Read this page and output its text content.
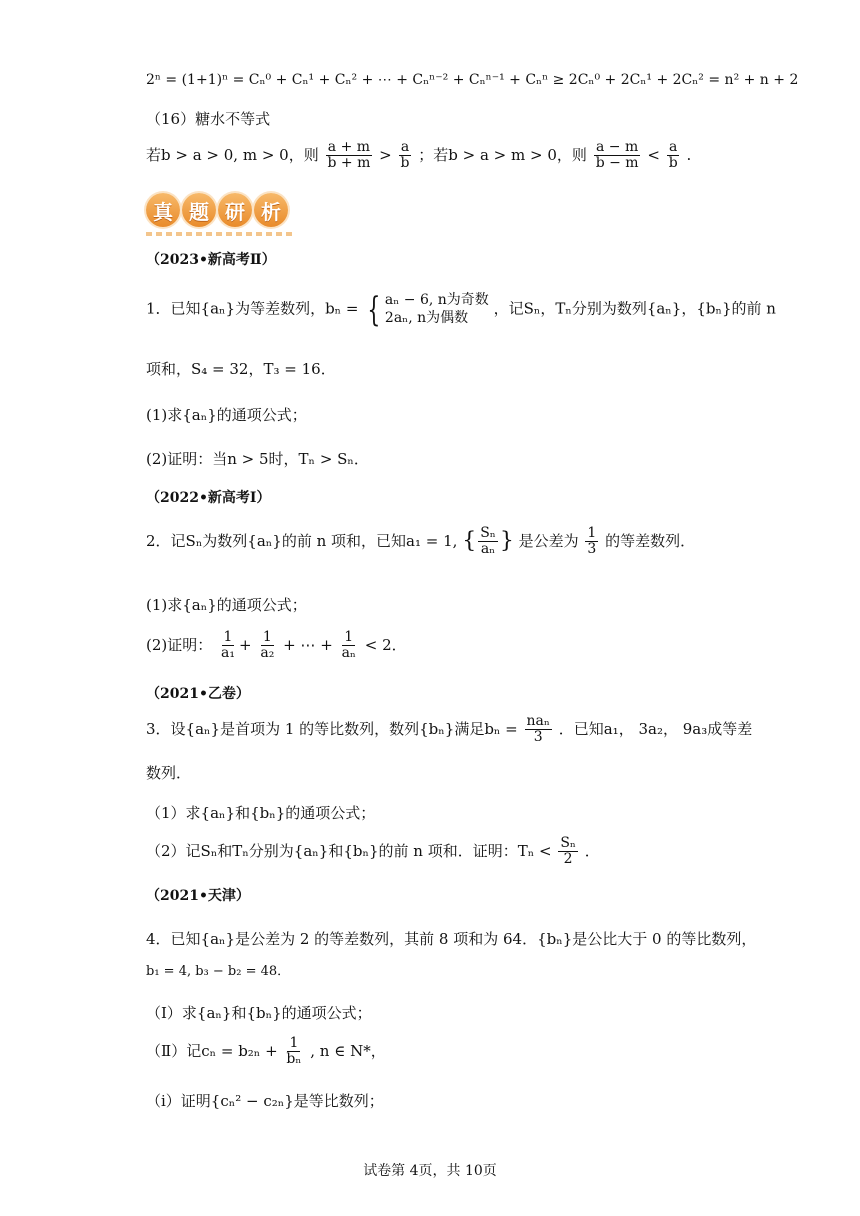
2ⁿ = (1+1)ⁿ = Cₙ⁰ + Cₙ¹ + Cₙ² + ⋯ + Cₙⁿ⁻² + Cₙⁿ⁻¹ + Cₙⁿ ≥ 2Cₙ⁰ + 2Cₙ¹ + 2Cₙ² = n² + n + 2
（16）糖水不等式
若b > a > 0, m > 0，则 $\frac{a + m}{b + m} > \frac{a}{b}$ ；若b > a > m > 0，则 $\frac{a - m}{b - m} < \frac{a}{b}$ .
真 题 研 析
（2023•新高考Ⅱ）
1．已知{aₙ}为等差数列，bₙ = { aₙ − 6, n为奇数
2aₙ, n为偶数	，记Sₙ，Tₙ分别为数列{aₙ}，{bₙ}的前 n
项和，S₄ = 32，T₃ = 16．
(1)求{aₙ}的通项公式；
(2)证明：当n > 5时，Tₙ > Sₙ．
（2022•新高考Ⅰ）
2．记Sₙ为数列{aₙ}的前 n 项和，已知a₁ = 1, { $\frac{\text{Sₙ}}{\text{aₙ}}$ } 是公差为 $\frac{1}{3}$ 的等差数列．
(1)求{aₙ}的通项公式；
(2)证明： $\frac{1}{\text{a₁}} + \frac{1}{\text{a₂}}$ + ⋯ + $\frac{1}{\text{aₙ}} < 2$．
（2021•乙卷）
3．设{aₙ}是首项为 1 的等比数列，数列{bₙ}满足$b_n = \frac{\text{naₙ}}{3}$ ．已知a₁， 3a₂， 9a₃成等差
数列．
（1）求{aₙ}和{bₙ}的通项公式；
（2）记Sₙ和Tₙ分别为{aₙ}和{bₙ}的前 n 项和．证明：$T_n < \frac{\text{Sₙ}}{2}$ ．
（2021•天津）
4．已知{aₙ}是公差为 2 的等差数列，其前 8 项和为 64．{bₙ}是公比大于 0 的等比数列，
b₁ = 4, b₃ − b₂ = 48．
（Ⅰ）求{aₙ}和{bₙ}的通项公式；
（Ⅱ）记$c_n = b_{2n} + \frac{1}{\text{bₙ}}$ , n ∈ N*，
（i）证明{cₙ² − c₂ₙ}是等比数列；
试卷第 4页，共 10页
